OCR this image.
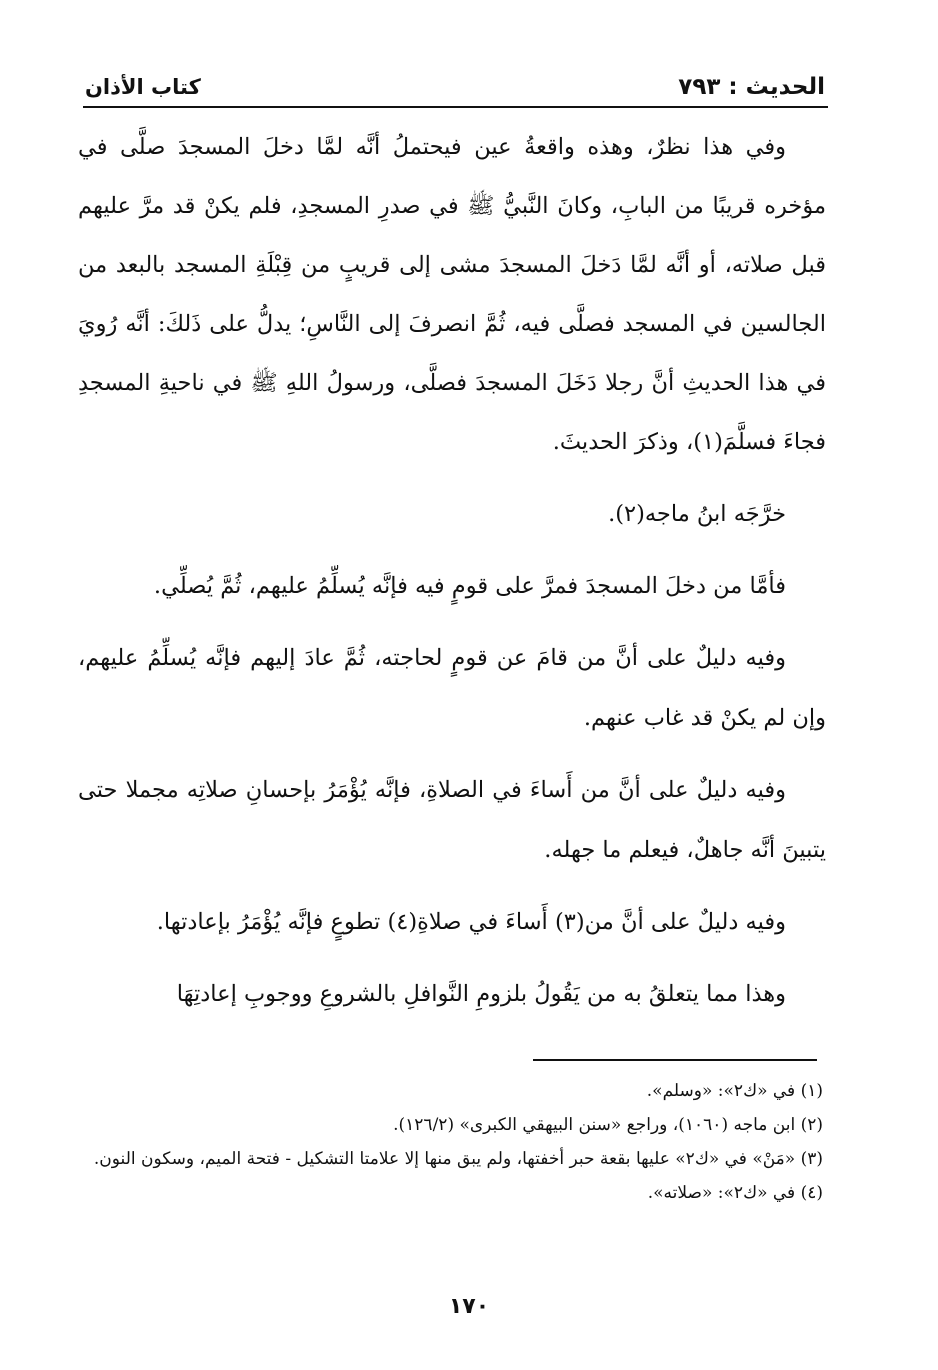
الحديث : ٧٩٣
كتاب الأذان

وفي هذا نظرٌ، وهذه واقعةُ عين فيحتملُ أنَّه لمَّا دخلَ المسجدَ صلَّى في مؤخره قريبًا من البابِ، وكانَ النَّبيُّ ﷺ في صدرِ المسجدِ، فلم يكنْ قد مرَّ عليهم قبل صلاته، أو أنَّه لمَّا دَخلَ المسجدَ مشى إلى قريبٍ من قِبْلَةِ المسجد بالبعد من الجالسين في المسجد فصلَّى فيه، ثُمَّ انصرفَ إلى النَّاسِ؛ يدلُّ على ذَلكَ: أنَّه رُويَ في هذا الحديثِ أنَّ رجلا دَخَلَ المسجدَ فصلَّى، ورسولُ اللهِ ﷺ في ناحيةِ المسجدِ فجاءَ فسلَّمَ(١)، وذكرَ الحديثَ.

خرَّجَه ابنُ ماجه(٢).

فأمَّا من دخلَ المسجدَ فمرَّ على قومٍ فيه فإنَّه يُسلِّمُ عليهم، ثُمَّ يُصلِّي.

وفيه دليلٌ على أنَّ من قامَ عن قومٍ لحاجته، ثُمَّ عادَ إليهم فإنَّه يُسلِّمُ عليهم، وإن لم يكنْ قد غاب عنهم.

وفيه دليلٌ على أنَّ من أَساءَ في الصلاةِ، فإنَّه يُؤْمَرُ بإحسانِ صلاتِه مجملا حتى يتبينَ أنَّه جاهلٌ، فيعلم ما جهله.

وفيه دليلٌ على أنَّ من(٣) أَساءَ في صلاةِ(٤) تطوعٍ فإنَّه يُؤْمَرُ بإعادتها.

وهذا مما يتعلقُ به من يَقُولُ بلزومِ النَّوافلِ بالشروعِ ووجوبِ إعادتِهَا

(١) في «ك٢»: «وسلم».
(٢) ابن ماجه (١٠٦٠)، وراجع «سنن البيهقي الكبرى» (١٢٦/٢).
(٣) «مَنْ» في «ك٢» عليها بقعة حبر أخفتها، ولم يبق منها إلا علامتا التشكيل - فتحة الميم، وسكون النون.
(٤) في «ك٢»: «صلاته».
١٧٠
